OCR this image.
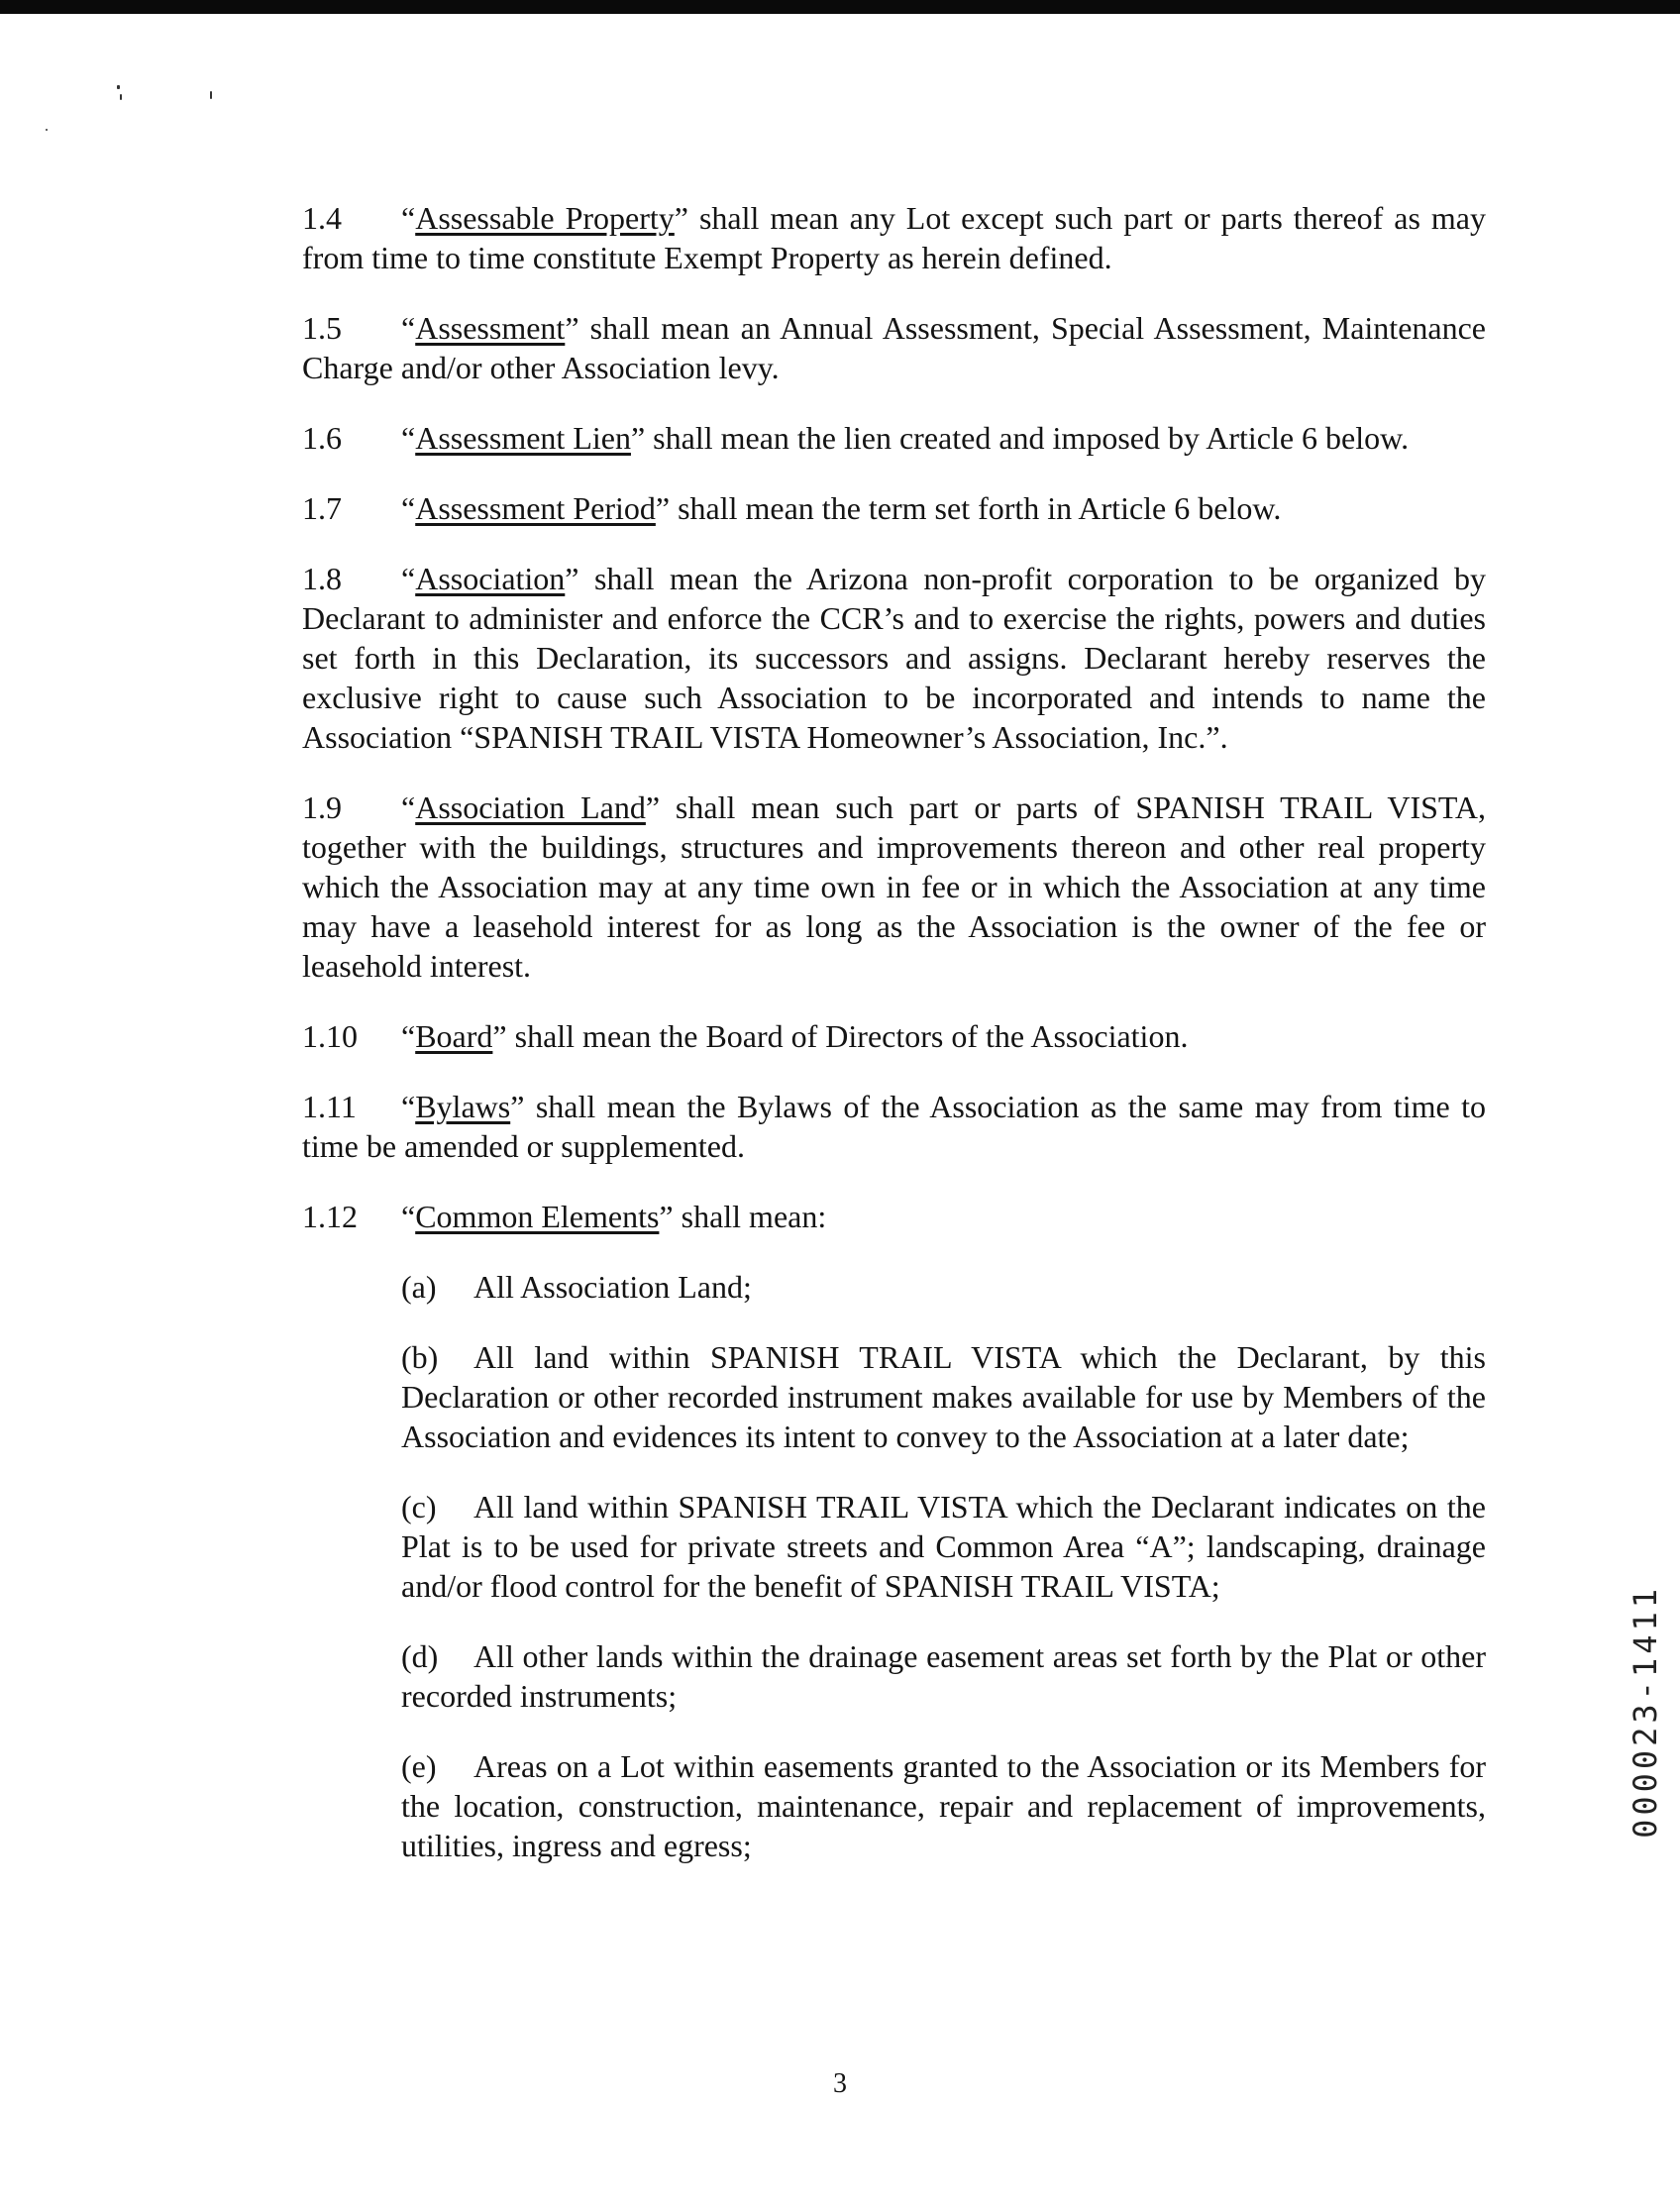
1.4 “Assessable Property” shall mean any Lot except such part or parts thereof as may from time to time constitute Exempt Property as herein defined.

1.5 “Assessment” shall mean an Annual Assessment, Special Assessment, Maintenance Charge and/or other Association levy.

1.6 “Assessment Lien” shall mean the lien created and imposed by Article 6 below.

1.7 “Assessment Period” shall mean the term set forth in Article 6 below.

1.8 “Association” shall mean the Arizona non-profit corporation to be organized by Declarant to administer and enforce the CCR’s and to exercise the rights, powers and duties set forth in this Declaration, its successors and assigns. Declarant hereby reserves the exclusive right to cause such Association to be incorporated and intends to name the Association “SPANISH TRAIL VISTA Homeowner’s Association, Inc.”.

1.9 “Association Land” shall mean such part or parts of SPANISH TRAIL VISTA, together with the buildings, structures and improvements thereon and other real property which the Association may at any time own in fee or in which the Association at any time may have a leasehold interest for as long as the Association is the owner of the fee or leasehold interest.

1.10 “Board” shall mean the Board of Directors of the Association.

1.11 “Bylaws” shall mean the Bylaws of the Association as the same may from time to time be amended or supplemented.

1.12 “Common Elements” shall mean:

(a) All Association Land;

(b) All land within SPANISH TRAIL VISTA which the Declarant, by this Declaration or other recorded instrument makes available for use by Members of the Association and evidences its intent to convey to the Association at a later date;

(c) All land within SPANISH TRAIL VISTA which the Declarant indicates on the Plat is to be used for private streets and Common Area “A”; landscaping, drainage and/or flood control for the benefit of SPANISH TRAIL VISTA;

(d) All other lands within the drainage easement areas set forth by the Plat or other recorded instruments;

(e) Areas on a Lot within easements granted to the Association or its Members for the location, construction, maintenance, repair and replacement of improvements, utilities, ingress and egress;

3
000023-1411
